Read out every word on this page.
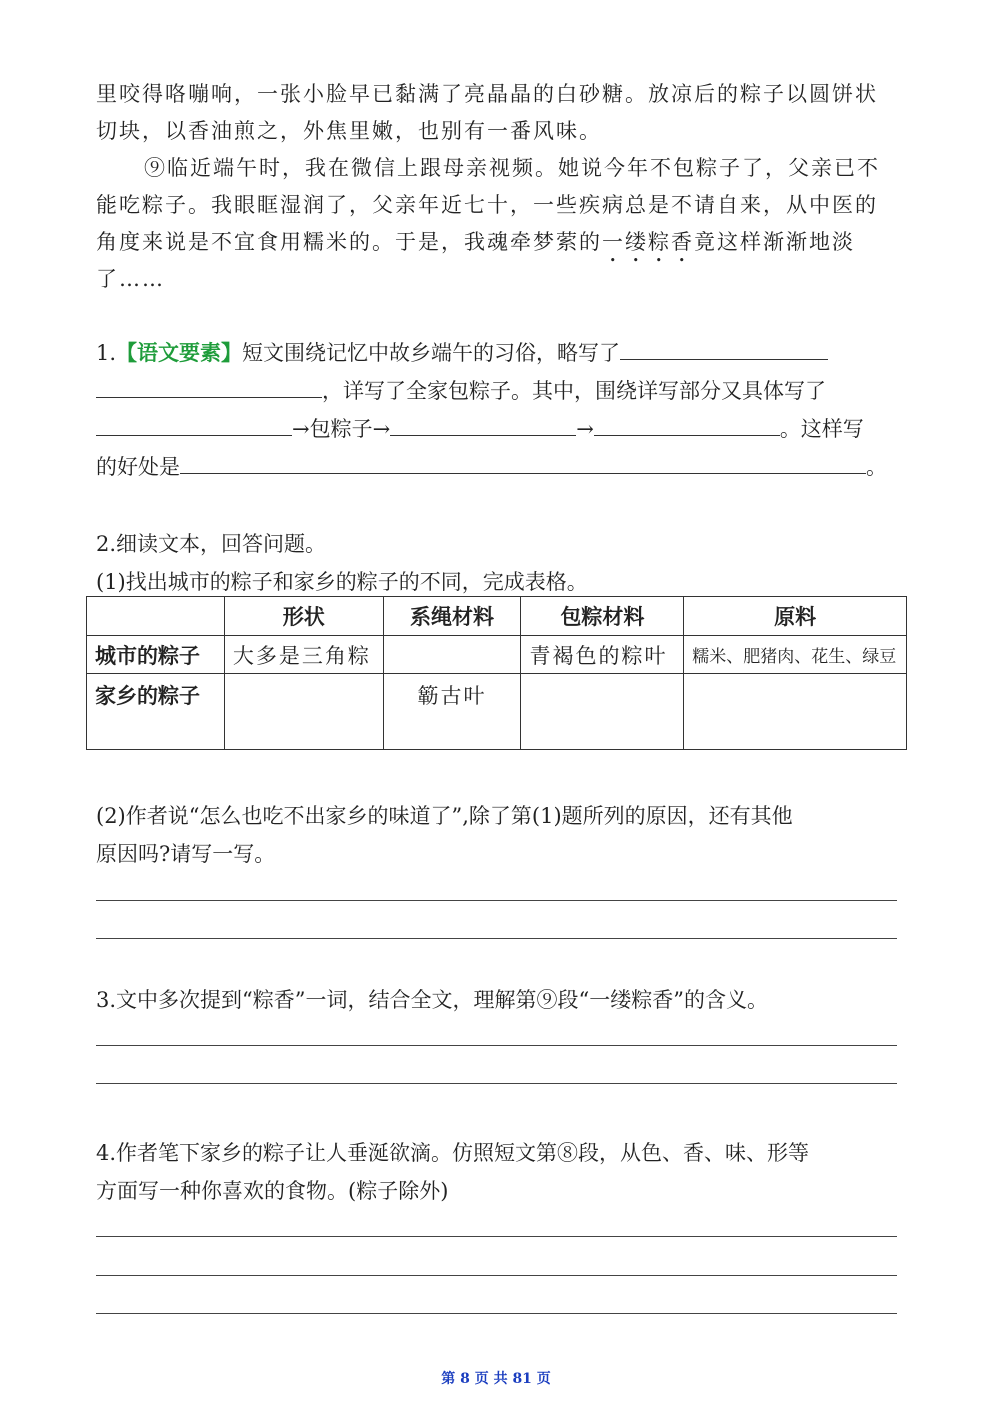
里咬得咯嘣响，一张小脸早已黏满了亮晶晶的白砂糖。放凉后的粽子以圆饼状
切块，以香油煎之，外焦里嫩，也别有一番风味。
⑨临近端午时，我在微信上跟母亲视频。她说今年不包粽子了，父亲已不
能吃粽子。我眼眶湿润了，父亲年近七十，一些疾病总是不请自来，从中医的
角度来说是不宜食用糯米的。于是，我魂牵梦萦的一缕粽香竟这样渐渐地淡
了……
1.【语文要素】短文围绕记忆中故乡端午的习俗，略写了
，详写了全家包粽子。其中，围绕详写部分又具体写了
→包粽子→	→	。这样写
的好处是	。
2.细读文本，回答问题。
(1)找出城市的粽子和家乡的粽子的不同，完成表格。
	形状	系绳材料	包粽材料	原料
城市的粽子	大多是三角粽		青褐色的粽叶	糯米、肥猪肉、花生、绿豆
家乡的粽子		簕古叶		
(2)作者说“怎么也吃不出家乡的味道了”,除了第(1)题所列的原因，还有其他
原因吗?请写一写。
3.文中多次提到“粽香”一词，结合全文，理解第⑨段“一缕粽香”的含义。
4.作者笔下家乡的粽子让人垂涎欲滴。仿照短文第⑧段，从色、香、味、形等
方面写一种你喜欢的食物。(粽子除外)
第 8 页 共 81 页
